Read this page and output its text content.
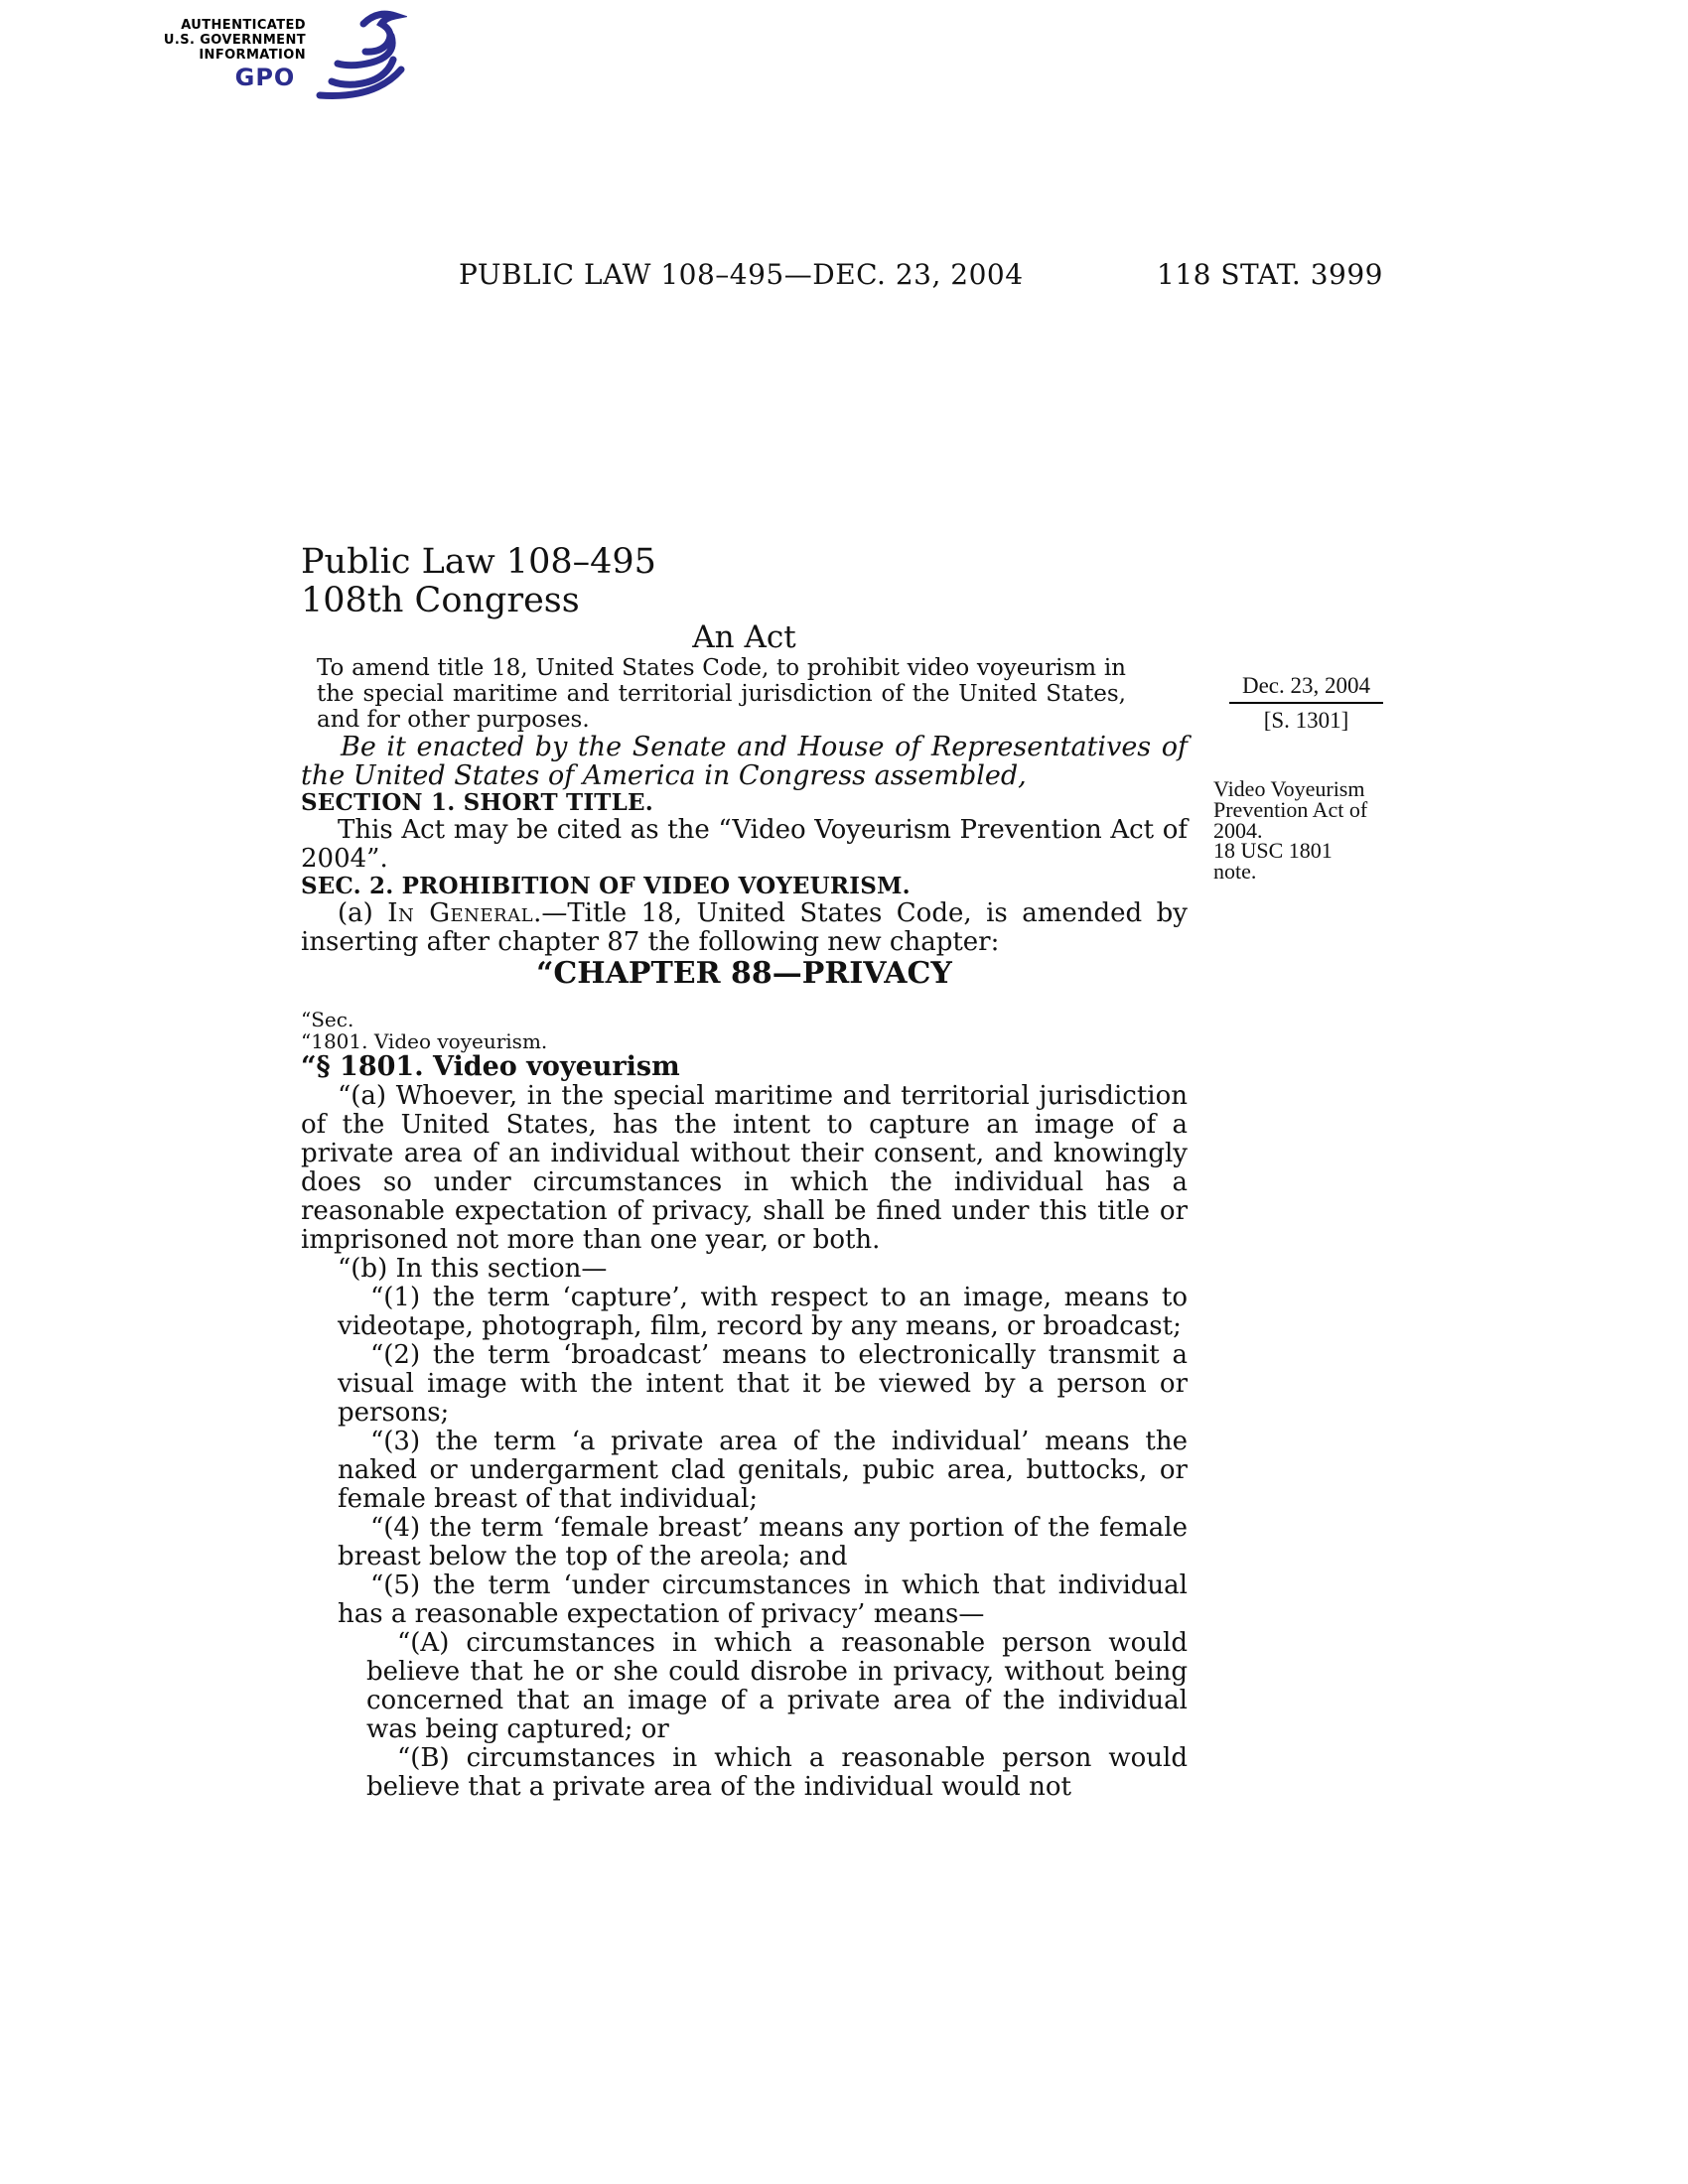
AUTHENTICATED
U.S. GOVERNMENT
INFORMATION
GPO
PUBLIC LAW 108–495—DEC. 23, 2004	118 STAT. 3999
Dec. 23, 2004
[S. 1301]
Video Voyeurism Prevention Act of 2004.
18 USC 1801 note.
Public Law 108–495
108th Congress
An Act

To amend title 18, United States Code, to prohibit video voyeurism in the special maritime and territorial jurisdiction of the United States, and for other purposes.

Be it enacted by the Senate and House of Representatives of the United States of America in Congress assembled,

SECTION 1. SHORT TITLE.

This Act may be cited as the “Video Voyeurism Prevention Act of 2004”.

SEC. 2. PROHIBITION OF VIDEO VOYEURISM.

(a) In General.—Title 18, United States Code, is amended by inserting after chapter 87 the following new chapter:

“CHAPTER 88—PRIVACY

“Sec.

“1801. Video voyeurism.

“§ 1801. Video voyeurism

“(a) Whoever, in the special maritime and territorial jurisdiction of the United States, has the intent to capture an image of a private area of an individual without their consent, and knowingly does so under circumstances in which the individual has a reasonable expectation of privacy, shall be fined under this title or imprisoned not more than one year, or both.

“(b) In this section—

“(1) the term ‘capture’, with respect to an image, means to videotape, photograph, film, record by any means, or broadcast;

“(2) the term ‘broadcast’ means to electronically transmit a visual image with the intent that it be viewed by a person or persons;

“(3) the term ‘a private area of the individual’ means the naked or undergarment clad genitals, pubic area, buttocks, or female breast of that individual;

“(4) the term ‘female breast’ means any portion of the female breast below the top of the areola; and

“(5) the term ‘under circumstances in which that individual has a reasonable expectation of privacy’ means—

“(A) circumstances in which a reasonable person would believe that he or she could disrobe in privacy, without being concerned that an image of a private area of the individual was being captured; or

“(B) circumstances in which a reasonable person would believe that a private area of the individual would not
